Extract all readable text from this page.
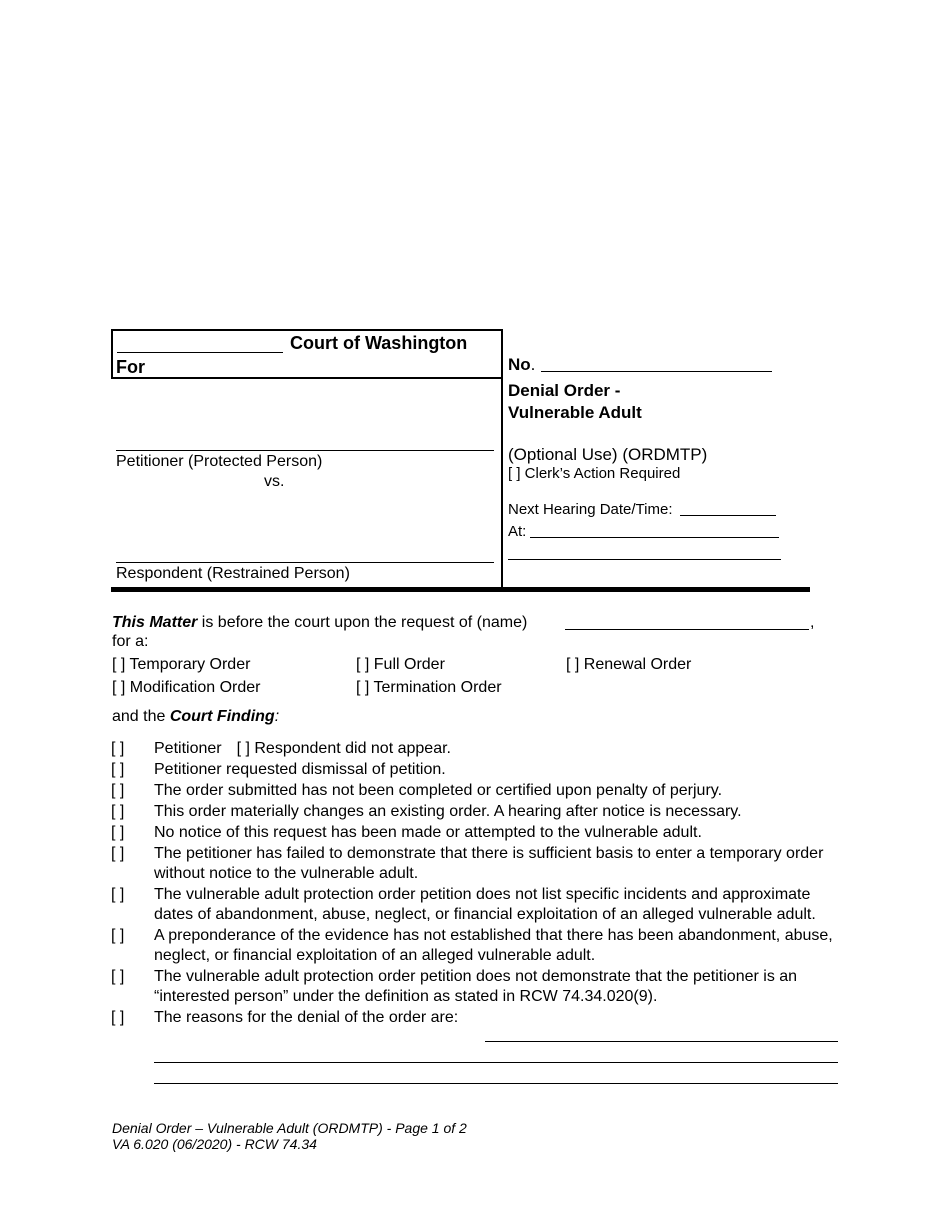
Court of Washington
For
Petitioner (Protected Person)
vs.
Respondent (Restrained Person)
No.
Denial Order -
Vulnerable Adult
(Optional Use) (ORDMTP)
[ ] Clerk’s Action Required
Next Hearing Date/Time:
At:
This Matter is before the court upon the request of (name)	,
for a:
[ ] Temporary Order	[ ] Full Order	[ ] Renewal Order
[ ] Modification Order	[ ] Termination Order
and the Court Finding:
[ ] Petitioner [ ] Respondent did not appear.
[ ] Petitioner requested dismissal of petition.
[ ] The order submitted has not been completed or certified upon penalty of perjury.
[ ] This order materially changes an existing order. A hearing after notice is necessary.
[ ] No notice of this request has been made or attempted to the vulnerable adult.
[ ] The petitioner has failed to demonstrate that there is sufficient basis to enter a temporary order without notice to the vulnerable adult.
[ ] The vulnerable adult protection order petition does not list specific incidents and approximate dates of abandonment, abuse, neglect, or financial exploitation of an alleged vulnerable adult.
[ ] A preponderance of the evidence has not established that there has been abandonment, abuse, neglect, or financial exploitation of an alleged vulnerable adult.
[ ] The vulnerable adult protection order petition does not demonstrate that the petitioner is an “interested person” under the definition as stated in RCW 74.34.020(9).
[ ] The reasons for the denial of the order are:
Denial Order – Vulnerable Adult (ORDMTP) - Page 1 of 2
VA 6.020 (06/2020) - RCW 74.34
